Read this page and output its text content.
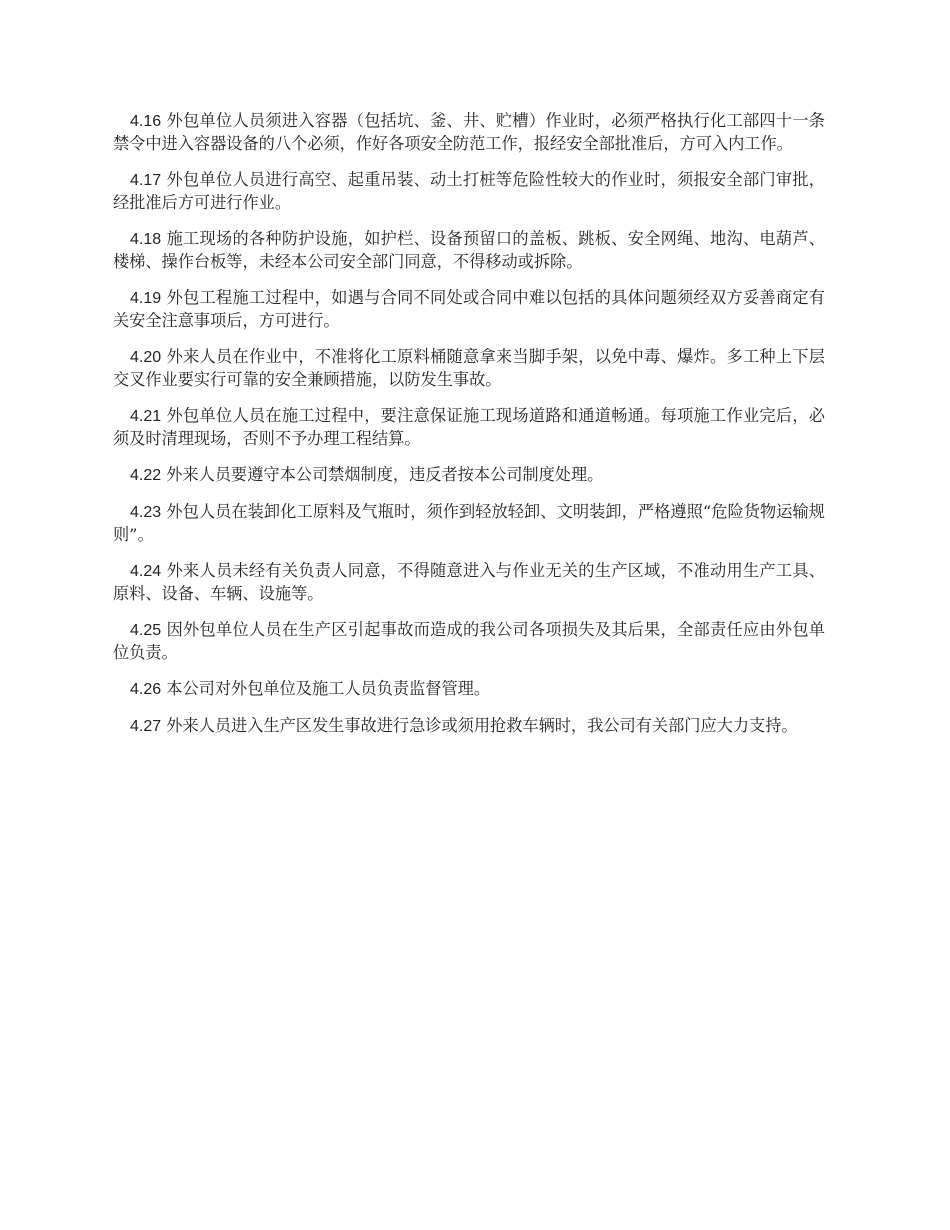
4.16 外包单位人员须进入容器（包括坑、釜、井、贮槽）作业时，必须严格执行化工部四十一条禁令中进入容器设备的八个必须，作好各项安全防范工作，报经安全部批准后，方可入内工作。

4.17 外包单位人员进行高空、起重吊装、动土打桩等危险性较大的作业时，须报安全部门审批，经批准后方可进行作业。

4.18 施工现场的各种防护设施，如护栏、设备预留口的盖板、跳板、安全网绳、地沟、电葫芦、楼梯、操作台板等，未经本公司安全部门同意，不得移动或拆除。

4.19 外包工程施工过程中，如遇与合同不同处或合同中难以包括的具体问题须经双方妥善商定有关安全注意事项后，方可进行。

4.20 外来人员在作业中，不准将化工原料桶随意拿来当脚手架，以免中毒、爆炸。多工种上下层交叉作业要实行可靠的安全兼顾措施，以防发生事故。

4.21 外包单位人员在施工过程中，要注意保证施工现场道路和通道畅通。每项施工作业完后，必须及时清理现场，否则不予办理工程结算。

4.22 外来人员要遵守本公司禁烟制度，违反者按本公司制度处理。

4.23 外包人员在装卸化工原料及气瓶时，须作到轻放轻卸、文明装卸，严格遵照“危险货物运输规则”。

4.24 外来人员未经有关负责人同意，不得随意进入与作业无关的生产区域，不准动用生产工具、原料、设备、车辆、设施等。

4.25 因外包单位人员在生产区引起事故而造成的我公司各项损失及其后果，全部责任应由外包单位负责。

4.26 本公司对外包单位及施工人员负责监督管理。

4.27 外来人员进入生产区发生事故进行急诊或须用抢救车辆时，我公司有关部门应大力支持。
